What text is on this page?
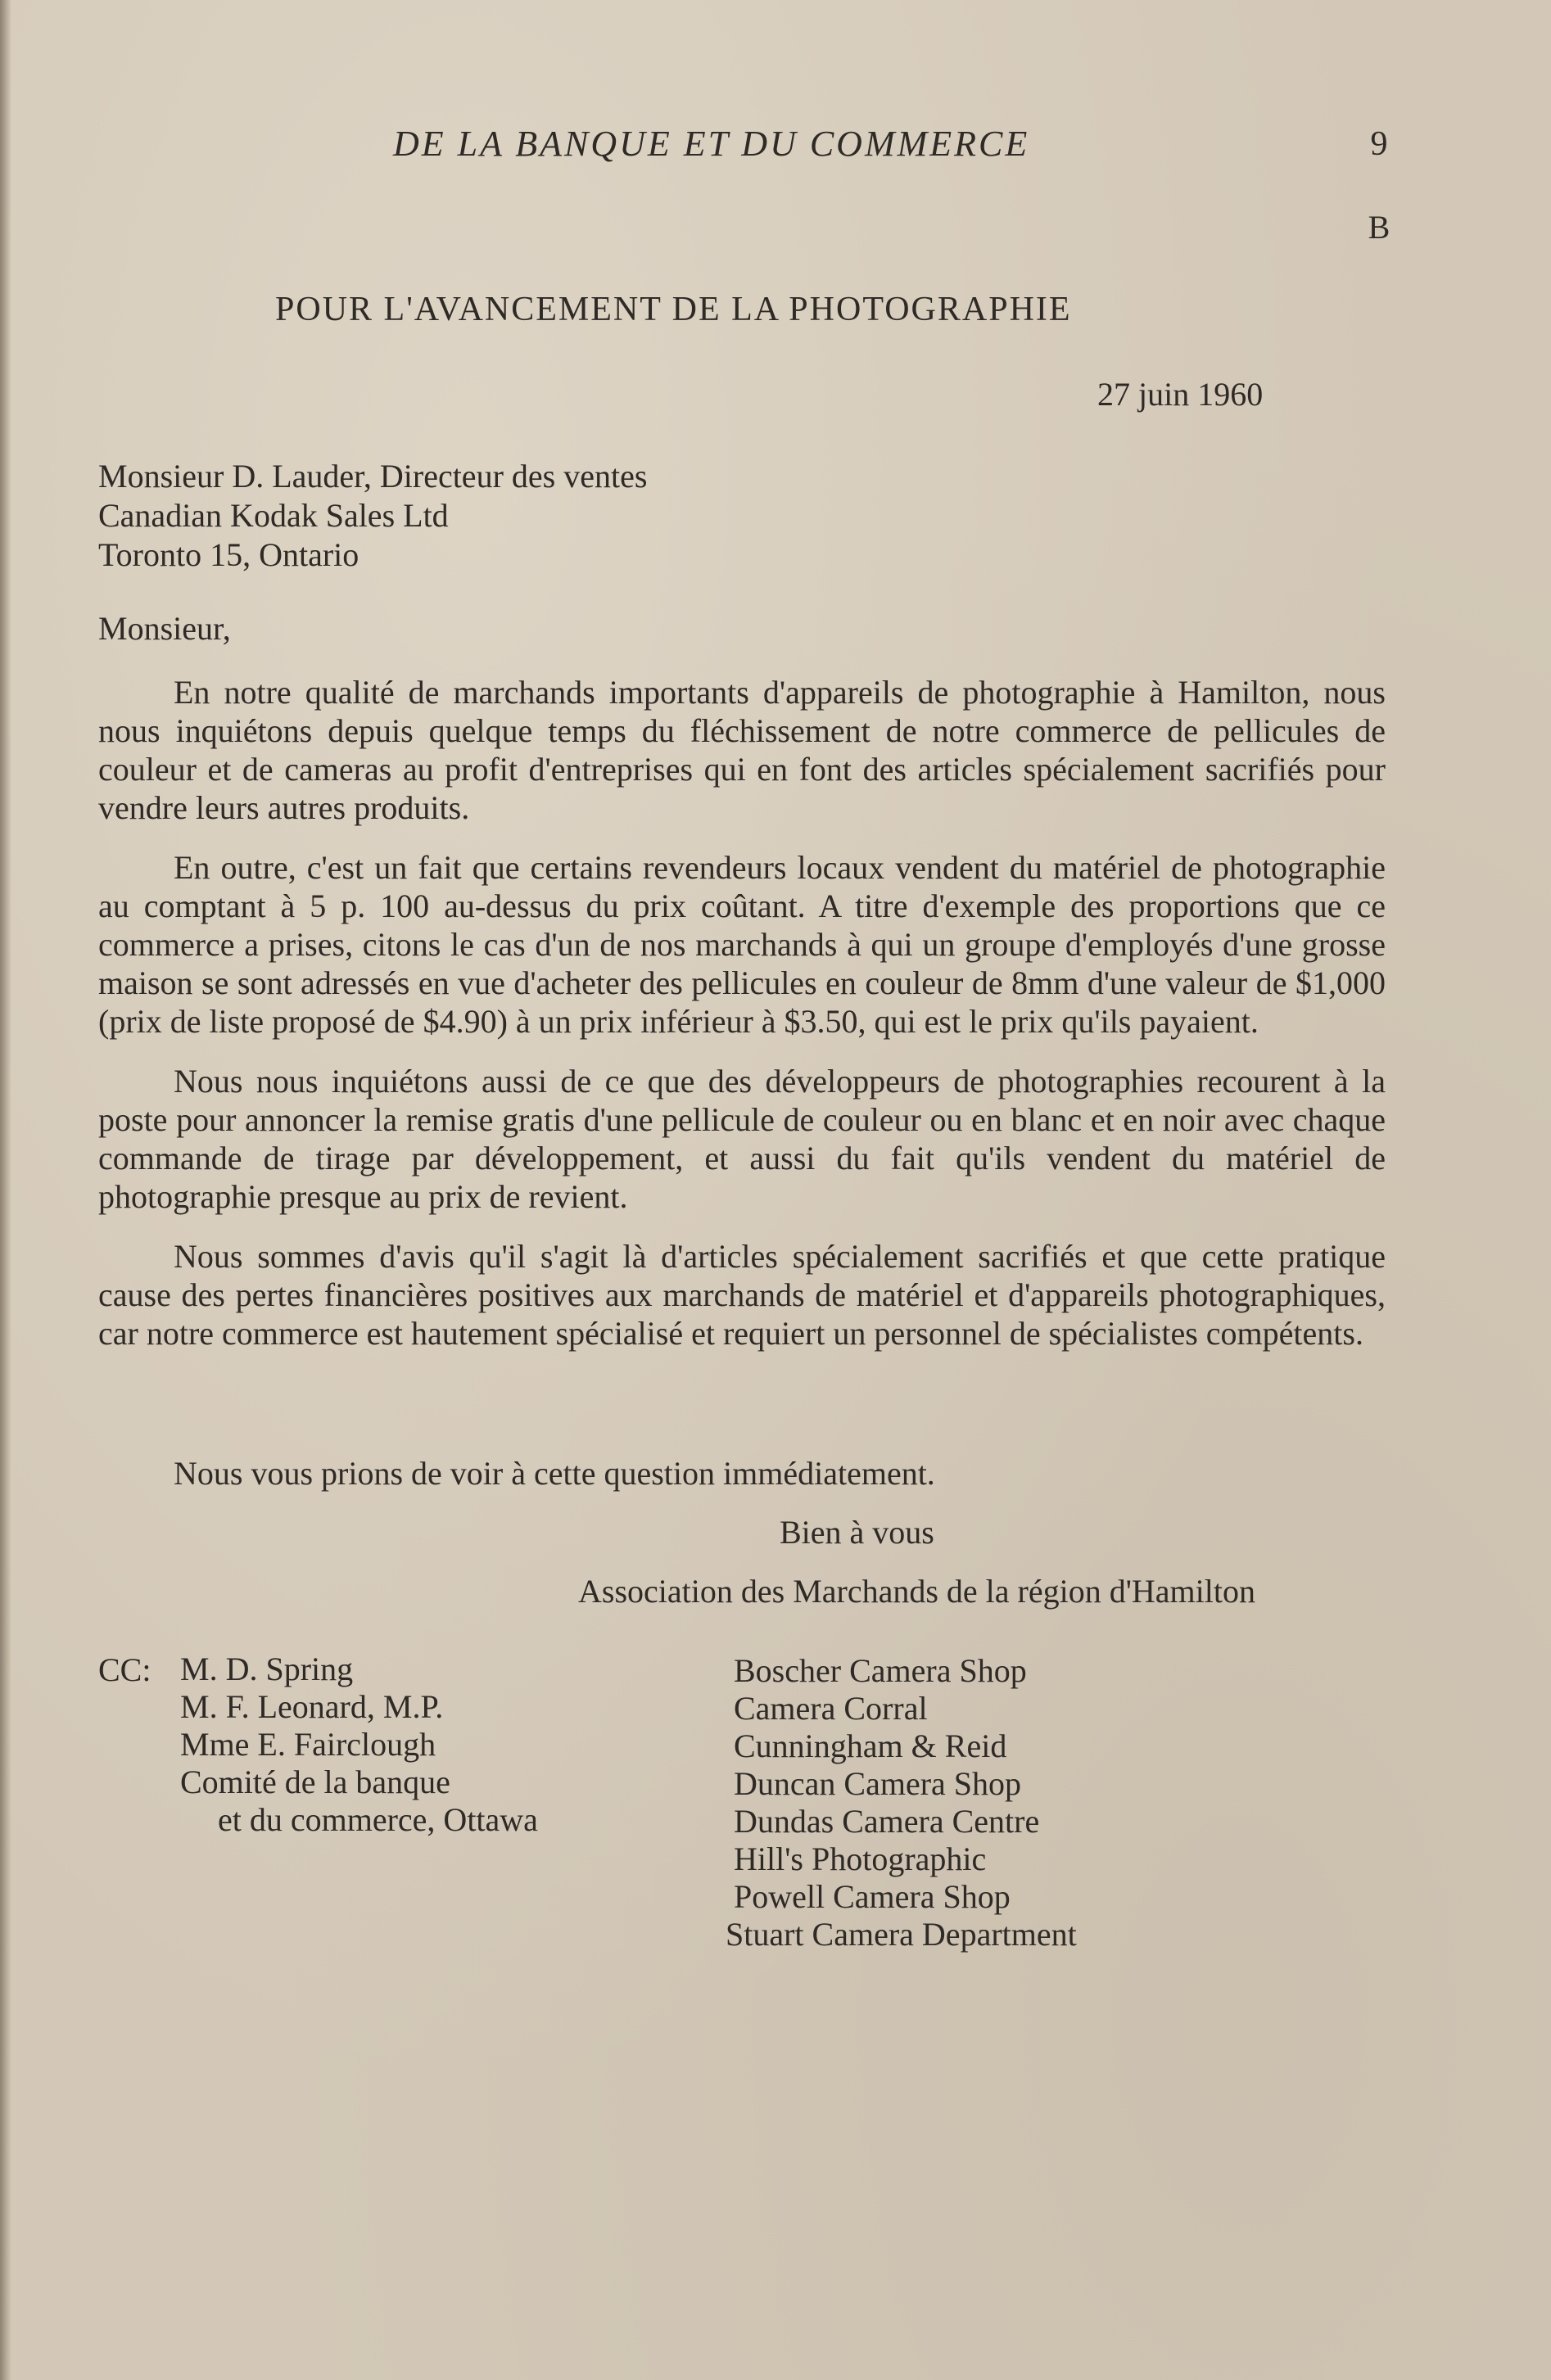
DE LA BANQUE ET DU COMMERCE	9
B
POUR L'AVANCEMENT DE LA PHOTOGRAPHIE
27 juin 1960
Monsieur D. Lauder, Directeur des ventes
Canadian Kodak Sales Ltd
Toronto 15, Ontario
Monsieur,

En notre qualité de marchands importants d'appareils de photographie à Hamilton, nous nous inquiétons depuis quelque temps du fléchissement de notre commerce de pellicules de couleur et de cameras au profit d'entreprises qui en font des articles spécialement sacrifiés pour vendre leurs autres produits.

En outre, c'est un fait que certains revendeurs locaux vendent du matériel de photographie au comptant à 5 p. 100 au-dessus du prix coûtant. A titre d'exemple des proportions que ce commerce a prises, citons le cas d'un de nos marchands à qui un groupe d'employés d'une grosse maison se sont adressés en vue d'acheter des pellicules en couleur de 8mm d'une valeur de $1,000 (prix de liste proposé de $4.90) à un prix inférieur à $3.50, qui est le prix qu'ils payaient.

Nous nous inquiétons aussi de ce que des développeurs de photographies recourent à la poste pour annoncer la remise gratis d'une pellicule de couleur ou en blanc et en noir avec chaque commande de tirage par développement, et aussi du fait qu'ils vendent du matériel de photographie presque au prix de revient.

Nous sommes d'avis qu'il s'agit là d'articles spécialement sacrifiés et que cette pratique cause des pertes financières positives aux marchands de matériel et d'appareils photographiques, car notre commerce est hautement spécialisé et requiert un personnel de spécialistes compétents.

Nous vous prions de voir à cette question immédiatement.
Bien à vous
Association des Marchands de la région d'Hamilton
CC: M. D. Spring
M. F. Leonard, M.P.
Mme E. Fairclough
Comité de la banque
et du commerce, Ottawa
Boscher Camera Shop
Camera Corral
Cunningham & Reid
Duncan Camera Shop
Dundas Camera Centre
Hill's Photographic
Powell Camera Shop
Stuart Camera Department
